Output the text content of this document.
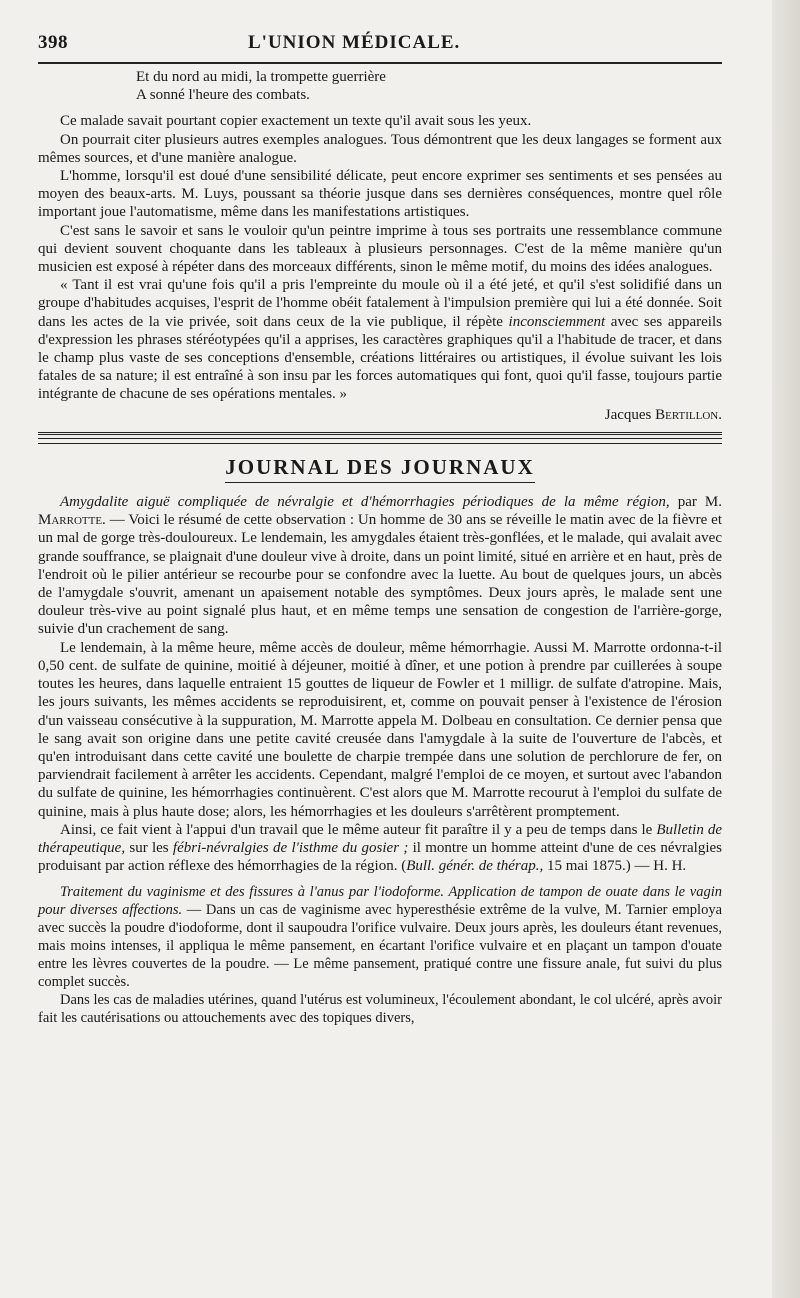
398	L'UNION MÉDICALE.

Et du nord au midi, la trompette guerrière

A sonné l'heure des combats.

Ce malade savait pourtant copier exactement un texte qu'il avait sous les yeux.

On pourrait citer plusieurs autres exemples analogues. Tous démontrent que les deux langages se forment aux mêmes sources, et d'une manière analogue.

L'homme, lorsqu'il est doué d'une sensibilité délicate, peut encore exprimer ses sentiments et ses pensées au moyen des beaux-arts. M. Luys, poussant sa théorie jusque dans ses dernières conséquences, montre quel rôle important joue l'automatisme, même dans les manifestations artistiques.

C'est sans le savoir et sans le vouloir qu'un peintre imprime à tous ses portraits une ressemblance commune qui devient souvent choquante dans les tableaux à plusieurs personnages. C'est de la même manière qu'un musicien est exposé à répéter dans des morceaux différents, sinon le même motif, du moins des idées analogues.

« Tant il est vrai qu'une fois qu'il a pris l'empreinte du moule où il a été jeté, et qu'il s'est solidifié dans un groupe d'habitudes acquises, l'esprit de l'homme obéit fatalement à l'impulsion première qui lui a été donnée. Soit dans les actes de la vie privée, soit dans ceux de la vie publique, il répète inconsciemment avec ses appareils d'expression les phrases stéréotypées qu'il a apprises, les caractères graphiques qu'il a l'habitude de tracer, et dans le champ plus vaste de ses conceptions d'ensemble, créations littéraires ou artistiques, il évolue suivant les lois fatales de sa nature; il est entraîné à son insu par les forces automatiques qui font, quoi qu'il fasse, toujours partie intégrante de chacune de ses opérations mentales. »

Jacques Bertillon.

JOURNAL DES JOURNAUX

Amygdalite aiguë compliquée de névralgie et d'hémorrhagies périodiques de la même région, par M. Marrotte. — Voici le résumé de cette observation : Un homme de 30 ans se réveille le matin avec de la fièvre et un mal de gorge très-douloureux. Le lendemain, les amygdales étaient très-gonflées, et le malade, qui avalait avec grande souffrance, se plaignait d'une douleur vive à droite, dans un point limité, situé en arrière et en haut, près de l'endroit où le pilier antérieur se recourbe pour se confondre avec la luette. Au bout de quelques jours, un abcès de l'amygdale s'ouvrit, amenant un apaisement notable des symptômes. Deux jours après, le malade sent une douleur très-vive au point signalé plus haut, et en même temps une sensation de congestion de l'arrière-gorge, suivie d'un crachement de sang.

Le lendemain, à la même heure, même accès de douleur, même hémorrhagie. Aussi M. Marrotte ordonna-t-il 0,50 cent. de sulfate de quinine, moitié à déjeuner, moitié à dîner, et une potion à prendre par cuillerées à soupe toutes les heures, dans laquelle entraient 15 gouttes de liqueur de Fowler et 1 milligr. de sulfate d'atropine. Mais, les jours suivants, les mêmes accidents se reproduisirent, et, comme on pouvait penser à l'existence de l'érosion d'un vaisseau consécutive à la suppuration, M. Marrotte appela M. Dolbeau en consultation. Ce dernier pensa que le sang avait son origine dans une petite cavité creusée dans l'amygdale à la suite de l'ouverture de l'abcès, et qu'en introduisant dans cette cavité une boulette de charpie trempée dans une solution de perchlorure de fer, on parviendrait facilement à arrêter les accidents. Cependant, malgré l'emploi de ce moyen, et surtout avec l'abandon du sulfate de quinine, les hémorrhagies continuèrent. C'est alors que M. Marrotte recourut à l'emploi du sulfate de quinine, mais à plus haute dose; alors, les hémorrhagies et les douleurs s'arrêtèrent promptement.

Ainsi, ce fait vient à l'appui d'un travail que le même auteur fit paraître il y a peu de temps dans le Bulletin de thérapeutique, sur les fébri-névralgies de l'isthme du gosier ; il montre un homme atteint d'une de ces névralgies produisant par action réflexe des hémorrhagies de la région. (Bull. génér. de thérap., 15 mai 1875.) — H. H.

Traitement du vaginisme et des fissures à l'anus par l'iodoforme. Application de tampon de ouate dans le vagin pour diverses affections. — Dans un cas de vaginisme avec hyperesthésie extrême de la vulve, M. Tarnier employa avec succès la poudre d'iodoforme, dont il saupoudra l'orifice vulvaire. Deux jours après, les douleurs étant revenues, mais moins intenses, il appliqua le même pansement, en écartant l'orifice vulvaire et en plaçant un tampon d'ouate entre les lèvres couvertes de la poudre. — Le même pansement, pratiqué contre une fissure anale, fut suivi du plus complet succès.

Dans les cas de maladies utérines, quand l'utérus est volumineux, l'écoulement abondant, le col ulcéré, après avoir fait les cautérisations ou attouchements avec des topiques divers,
